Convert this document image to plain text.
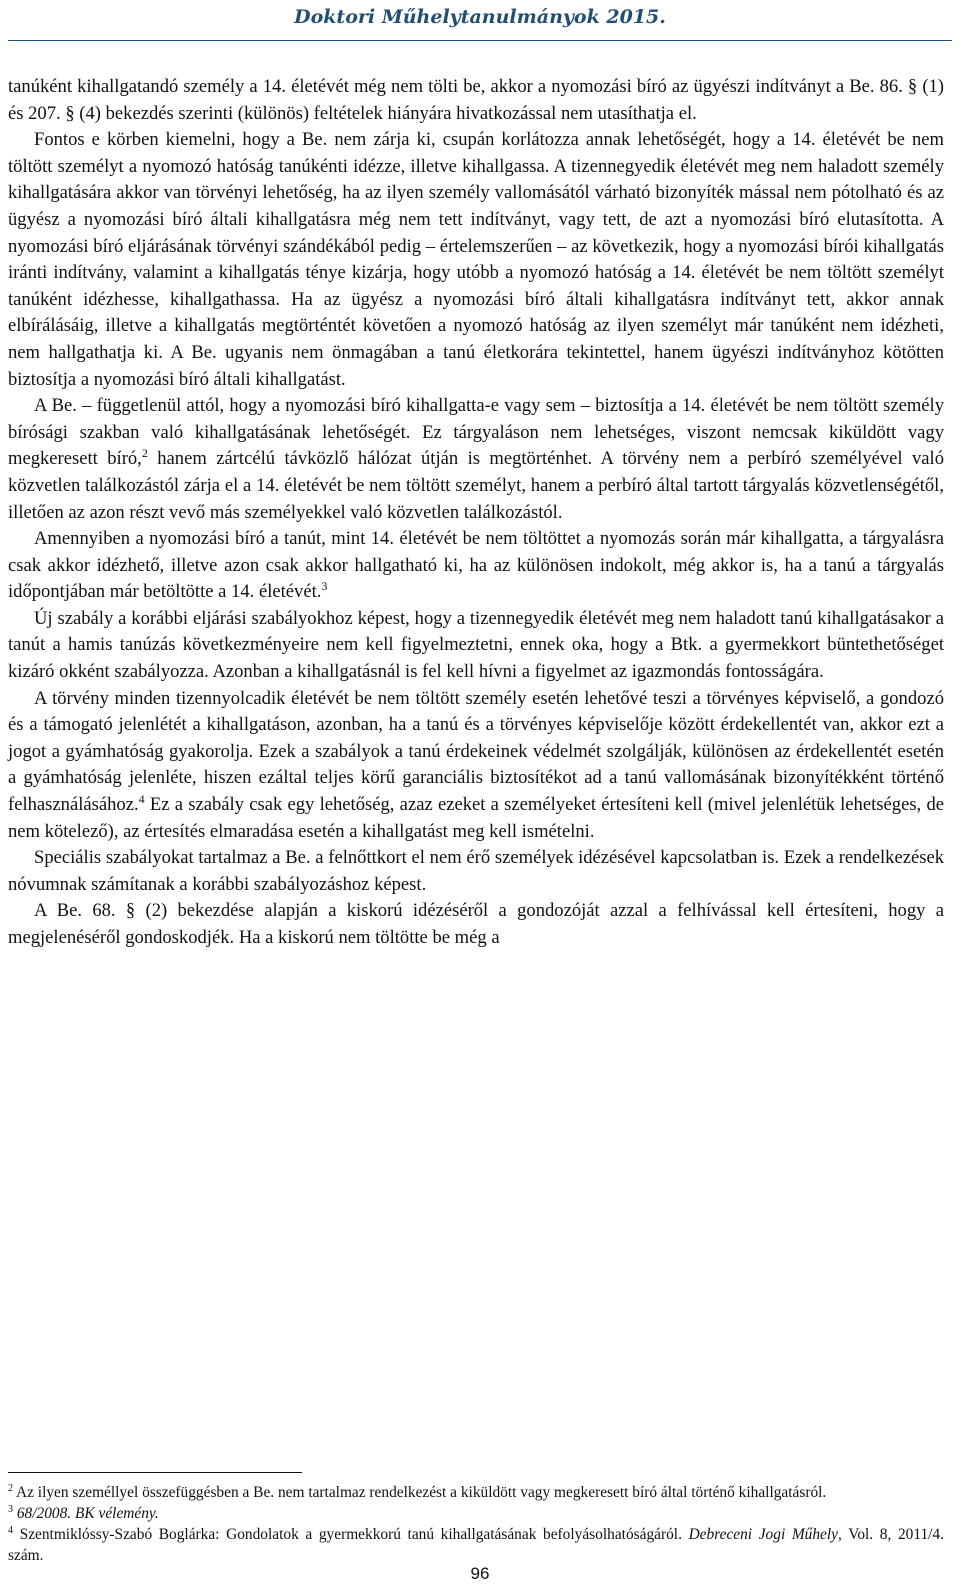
Doktori Műhelytanulmányok 2015.

tanúként kihallgatandó személy a 14. életévét még nem tölti be, akkor a nyomozási bíró az ügyészi indítványt a Be. 86. § (1) és 207. § (4) bekezdés szerinti (különös) feltételek hiányára hivatkozással nem utasíthatja el.

Fontos e körben kiemelni, hogy a Be. nem zárja ki, csupán korlátozza annak lehetőségét, hogy a 14. életévét be nem töltött személyt a nyomozó hatóság tanúkénti idézze, illetve kihallgassa. A tizennegyedik életévét meg nem haladott személy kihallgatására akkor van törvényi lehetőség, ha az ilyen személy vallomásától várható bizonyíték mással nem pótolható és az ügyész a nyomozási bíró általi kihallgatásra még nem tett indítványt, vagy tett, de azt a nyomozási bíró elutasította. A nyomozási bíró eljárásának törvényi szándékából pedig – értelemszerűen – az következik, hogy a nyomozási bírói kihallgatás iránti indítvány, valamint a kihallgatás ténye kizárja, hogy utóbb a nyomozó hatóság a 14. életévét be nem töltött személyt tanúként idézhesse, kihallgathassa. Ha az ügyész a nyomozási bíró általi kihallgatásra indítványt tett, akkor annak elbírálásáig, illetve a kihallgatás megtörténtét követően a nyomozó hatóság az ilyen személyt már tanúként nem idézheti, nem hallgathatja ki. A Be. ugyanis nem önmagában a tanú életkorára tekintettel, hanem ügyészi indítványhoz kötötten biztosítja a nyomozási bíró általi kihallgatást.

A Be. – függetlenül attól, hogy a nyomozási bíró kihallgatta-e vagy sem – biztosítja a 14. életévét be nem töltött személy bírósági szakban való kihallgatásának lehetőségét. Ez tárgyaláson nem lehetséges, viszont nemcsak kiküldött vagy megkeresett bíró,$^2$ hanem zártcélú távközlő hálózat útján is megtörténhet. A törvény nem a perbíró személyével való közvetlen találkozástól zárja el a 14. életévét be nem töltött személyt, hanem a perbíró által tartott tárgyalás közvetlenségétől, illetően az azon részt vevő más személyekkel való közvetlen találkozástól.

Amennyiben a nyomozási bíró a tanút, mint 14. életévét be nem töltöttet a nyomozás során már kihallgatta, a tárgyalásra csak akkor idézhető, illetve azon csak akkor hallgatható ki, ha az különösen indokolt, még akkor is, ha a tanú a tárgyalás időpontjában már betöltötte a 14. életévét.$^3$

Új szabály a korábbi eljárási szabályokhoz képest, hogy a tizennegyedik életévét meg nem haladott tanú kihallgatásakor a tanút a hamis tanúzás következményeire nem kell figyelmeztetni, ennek oka, hogy a Btk. a gyermekkort büntethetőséget kizáró okként szabályozza. Azonban a kihallgatásnál is fel kell hívni a figyelmet az igazmondás fontosságára.

A törvény minden tizennyolcadik életévét be nem töltött személy esetén lehetővé teszi a törvényes képviselő, a gondozó és a támogató jelenlétét a kihallgatáson, azonban, ha a tanú és a törvényes képviselője között érdekellentét van, akkor ezt a jogot a gyámhatóság gyakorolja. Ezek a szabályok a tanú érdekeinek védelmét szolgálják, különösen az érdekellentét esetén a gyámhatóság jelenléte, hiszen ezáltal teljes körű garanciális biztosítékot ad a tanú vallomásának bizonyítékként történő felhasználásához.$^4$ Ez a szabály csak egy lehetőség, azaz ezeket a személyeket értesíteni kell (mivel jelenlétük lehetséges, de nem kötelező), az értesítés elmaradása esetén a kihallgatást meg kell ismételni.

Speciális szabályokat tartalmaz a Be. a felnőttkort el nem érő személyek idézésével kapcsolatban is. Ezek a rendelkezések nóvumnak számítanak a korábbi szabályozáshoz képest.

A Be. 68. § (2) bekezdése alapján a kiskorú idézéséről a gondozóját azzal a felhívással kell értesíteni, hogy a megjelenéséről gondoskodjék. Ha a kiskorú nem töltötte be még a

$^2$ Az ilyen személlyel összefüggésben a Be. nem tartalmaz rendelkezést a kiküldött vagy megkeresett bíró által történő kihallgatásról.

$^3$ 68/2008. BK vélemény.

$^4$ Szentmiklóssy-Szabó Boglárka: Gondolatok a gyermekkorú tanú kihallgatásának befolyásolhatóságáról. Debreceni Jogi Műhely, Vol. 8, 2011/4. szám.

96
